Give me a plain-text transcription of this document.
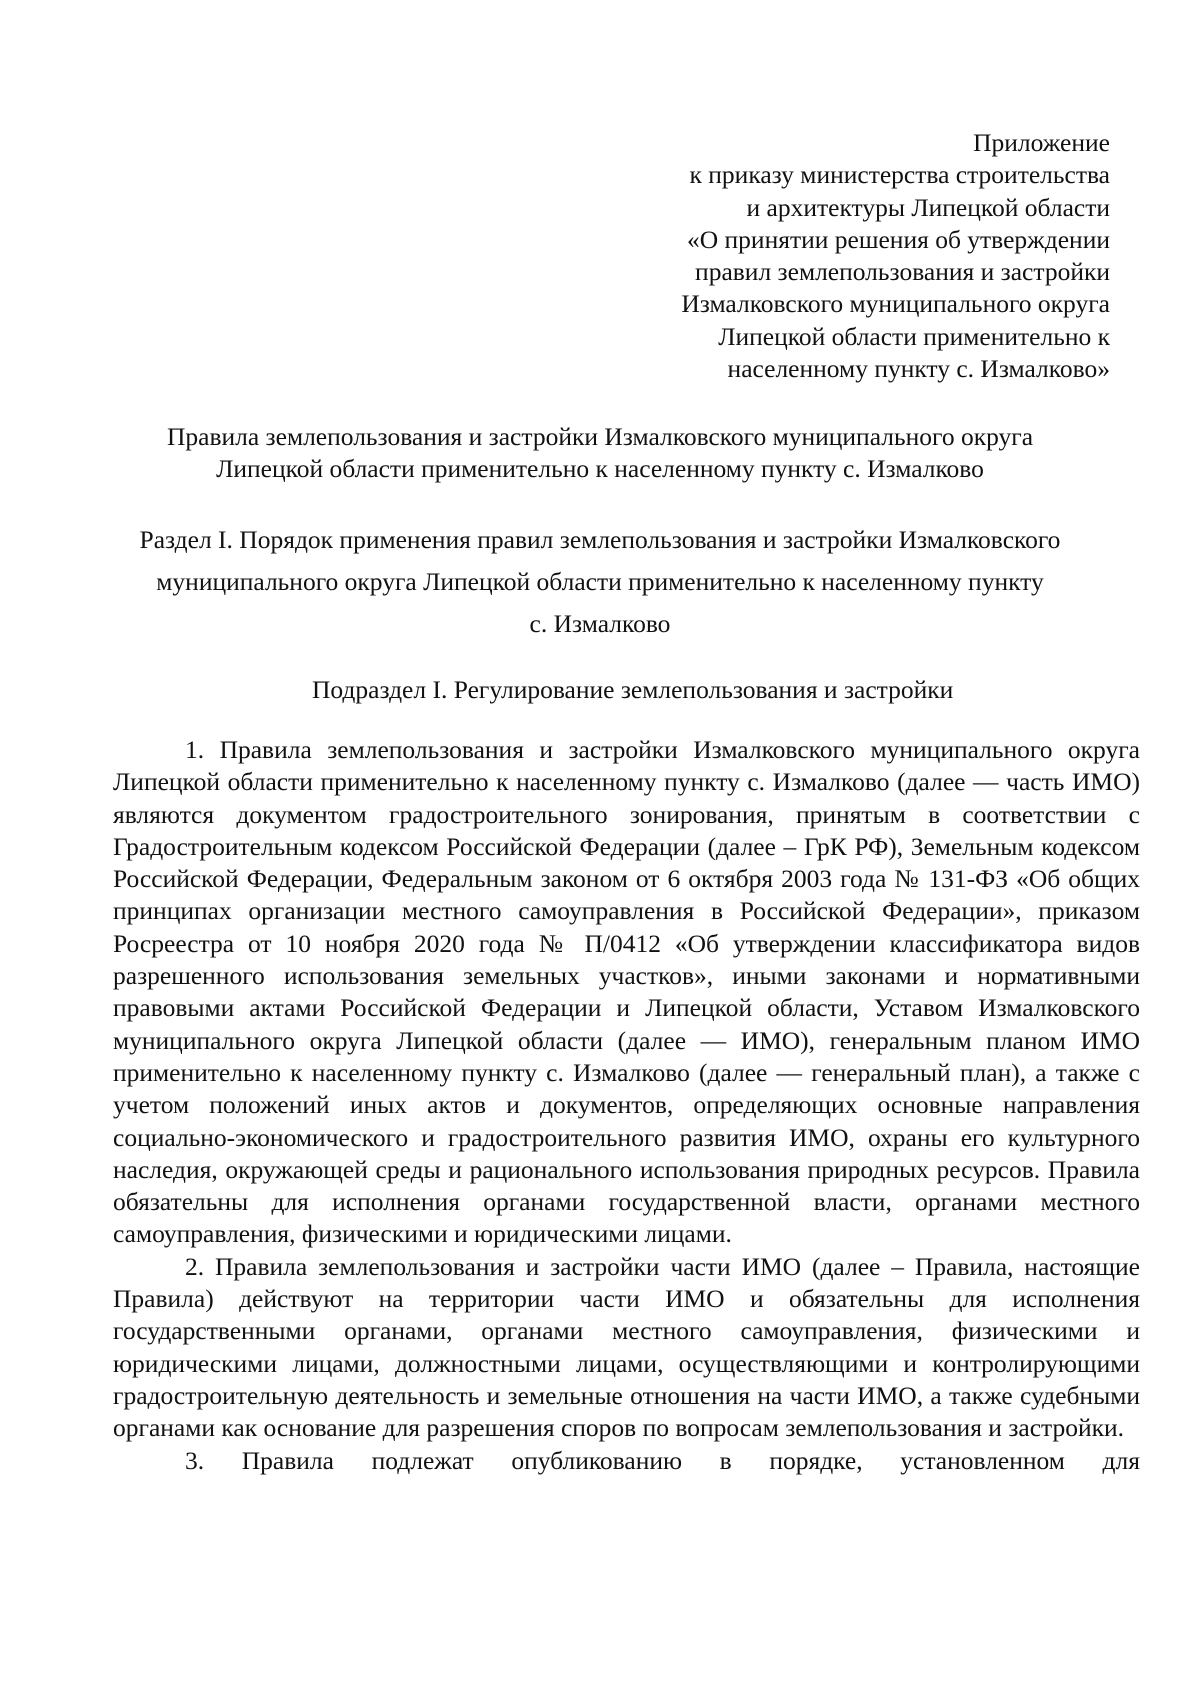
Приложение
к приказу министерства строительства
и архитектуры Липецкой области
«О принятии решения об утверждении
правил землепользования и застройки
Измалковского муниципального округа
Липецкой области применительно к
населенному пункту с. Измалково»
Правила землепользования и застройки Измалковского муниципального округа
Липецкой области применительно к населенному пункту с. Измалково
Раздел I. Порядок применения правил землепользования и застройки Измалковского
муниципального округа Липецкой области применительно к населенному пункту
с. Измалково
Подраздел I. Регулирование землепользования и застройки

1. Правила землепользования и застройки Измалковского муниципального округа Липецкой области применительно к населенному пункту с. Измалково (далее — часть ИМО) являются документом градостроительного зонирования, принятым в соответствии с Градостроительным кодексом Российской Федерации (далее – ГрК РФ), Земельным кодексом Российской Федерации, Федеральным законом от 6 октября 2003 года № 131-ФЗ «Об общих принципах организации местного самоуправления в Российской Федерации», приказом Росреестра от 10 ноября 2020 года № П/0412 «Об утверждении классификатора видов разрешенного использования земельных участков», иными законами и нормативными правовыми актами Российской Федерации и Липецкой области, Уставом Измалковского муниципального округа Липецкой области (далее — ИМО), генеральным планом ИМО применительно к населенному пункту с. Измалково (далее — генеральный план), а также с учетом положений иных актов и документов, определяющих основные направления социально-экономического и градостроительного развития ИМО, охраны его культурного наследия, окружающей среды и рационального использования природных ресурсов. Правила обязательны для исполнения органами государственной власти, органами местного самоуправления, физическими и юридическими лицами.

2. Правила землепользования и застройки части ИМО (далее – Правила, настоящие Правила) действуют на территории части ИМО и обязательны для исполнения государственными органами, органами местного самоуправления, физическими и юридическими лицами, должностными лицами, осуществляющими и контролирующими градостроительную деятельность и земельные отношения на части ИМО, а также судебными органами как основание для разрешения споров по вопросам землепользования и застройки.

3. Правила подлежат опубликованию в порядке, установленном для
